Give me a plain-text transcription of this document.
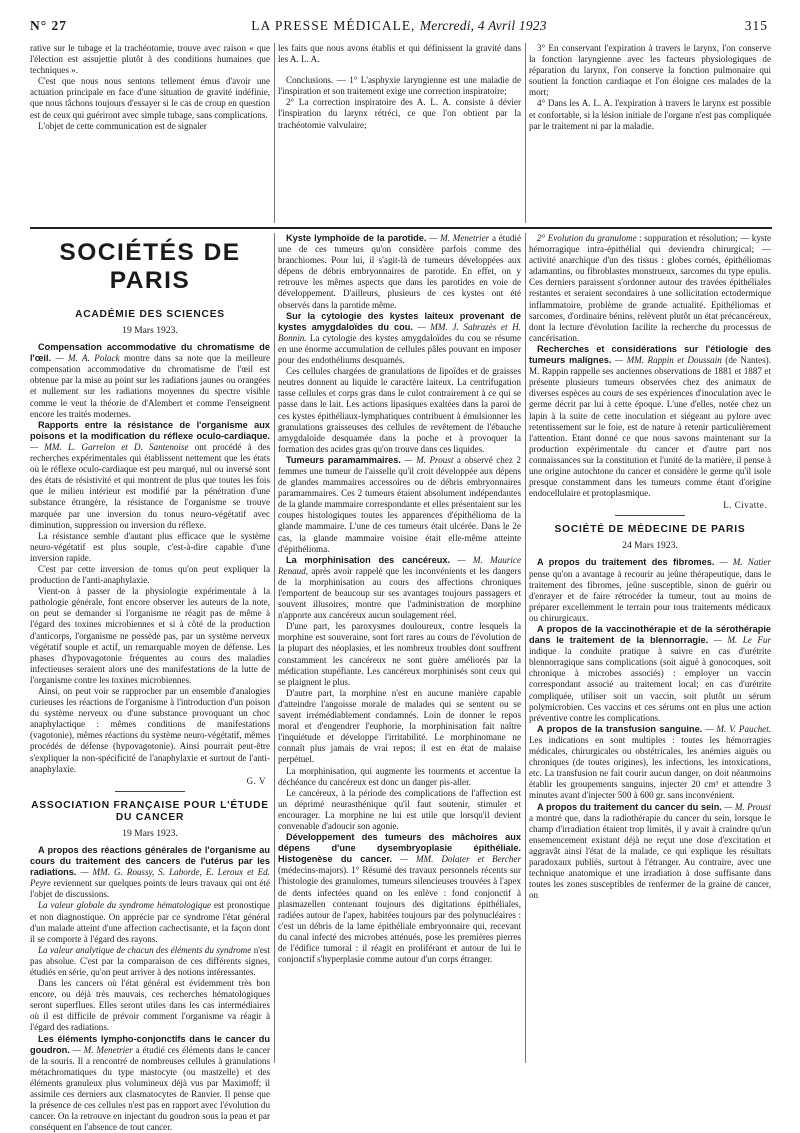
N° 27	LA PRESSE MÉDICALE, Mercredi, 4 Avril 1923	315

rative sur le tubage et la trachéotomie, trouve avec raison « que l'élection est assujettie plutôt à des conditions humaines que techniques ».

C'est que nous nous sentons tellement émus d'avoir une actuation principale en face d'une situation de gravité indéfinie, que nous tâchons toujours d'essayer si le cas de croup en question est de ceux qui guériront avec simple tubage, sans complications.

L'objet de cette communication est de signaler

les faits que nous avons établis et qui définissent la gravité dans les A. L. A.

Conclusions. — 1° L'asphyxie laryngienne est une maladie de l'inspiration et son traitement exige une correction inspiratoire;

2° La correction inspiratoire des A. L. A. consiste à dévier l'inspiration du larynx rétréci, ce que l'on obtient par la trachéotomie valvulaire;

3° En conservant l'expiration à travers le larynx, l'on conserve la fonction laryngienne avec les facteurs physiologiques de réparation du larynx, l'on conserve la fonction pulmonaire qui soutient la fonction cardiaque et l'on éloigne ces malades de la mort;

4° Dans les A. L. A. l'expiration à travers le larynx est possible et confortable, si la lésion initiale de l'organe n'est pas compliquée par le traitement ni par la maladie.

SOCIÉTÉS DE PARIS
ACADÉMIE DES SCIENCES
19 Mars 1923.

Compensation accommodative du chromatisme de l'œil. — M. A. Polack montre dans sa note que la meilleure compensation accommodative du chromatisme de l'œil est obtenue par la mise au point sur les radiations jaunes ou orangées et nullement sur les radiations moyennes du spectre visible comme le veut la théorie de d'Alembert et comme l'enseignent encore les traités modernes.

Rapports entre la résistance de l'organisme aux poisons et la modification du réflexe oculo-cardiaque. — MM. L. Garrelon et D. Santenoise ont procédé à des recherches expérimentales qui établissent nettement que les états où le réflexe oculo-cardiaque est peu marqué, nul ou inversé sont des états de résistivité et qui montrent de plus que toutes les fois que le milieu intérieur est modifié par la pénétration d'une substance étrangère, la résistance de l'organisme se trouve marquée par une inversion du tonus neuro-végétatif avec diminution, suppression ou inversion du réflexe.

La résistance semble d'autant plus efficace que le système neuro-végétatif est plus souple, c'est-à-dire capable d'une inversion rapide.

C'est par cette inversion de tonus qu'on peut expliquer la production de l'anti-anaphylaxie.

Vient-on à passer de la physiologie expérimentale à la pathologie générale, font encore observer les auteurs de la note, on peut se demander si l'organisme ne réagit pas de même à l'égard des toxines microbiennes et si à côté de la production d'anticorps, l'organisme ne possède pas, par un système nerveux végétatif souple et actif, un remarquable moyen de défense. Les phases d'hypovagotonie fréquentes au cours des maladies infectieuses seraient alors une des manifestations de la lutte de l'organisme contre les toxines microbiennes.

Ainsi, on peut voir se rapprocher par un ensemble d'analogies curieuses les réactions de l'organisme à l'introduction d'un poison du système nerveux ou d'une substance provoquant un choc anaphylactique : mêmes conditions de manifestations (vagotonie), mêmes réactions du système neuro-végétatif, mêmes procédés de défense (hypovagotonie). Ainsi pourrait peut-être s'expliquer la non-spécificité de l'anaphylaxie et surtout de l'anti-anaphylaxie.

G. V
ASSOCIATION FRANÇAISE POUR L'ÉTUDE DU CANCER
19 Mars 1923.

A propos des réactions générales de l'organisme au cours du traitement des cancers de l'utérus par les radiations. — MM. G. Roussy, S. Laborde, E. Leroux et Ed. Peyre reviennent sur quelques points de leurs travaux qui ont été l'objet de discussions.

La valeur globale du syndrome hématologique est pronostique et non diagnostique. On apprécie par ce syndrome l'état général d'un malade atteint d'une affection cachectisante, et la façon dont il se comporte à l'égard des rayons.

La valeur analytique de chacun des éléments du syndrome n'est pas absolue. C'est par la comparaison de ces différents signes, étudiés en série, qu'on peut arriver à des notions intéressantes.

Dans les cancers où l'état général est évidemment très bon encore, ou déjà très mauvais, ces recherches hématologiques seront superflues. Elles seront utiles dans les cas intermédiaires où il est difficile de prévoir comment l'organisme va réagir à l'égard des radiations.

Les éléments lympho-conjonctifs dans le cancer du goudron. — M. Menetrier a étudié ces éléments dans le cancer de la souris. Il a rencontré de nombreuses cellules à granulations métachromatiques du type mastocyte (ou mastzelle) et des éléments granuleux plus volumineux déjà vus par Maximoff; il assimile ces derniers aux clasmatocytes de Ranvier. Il pense que la présence de ces cellules n'est pas en rapport avec l'évolution du cancer. On la retrouve en injectant du goudron sous la peau et par conséquent en l'absence de tout cancer.

Kyste lymphoïde de la parotide. — M. Menetrier a étudié une de ces tumeurs qu'on considère parfois comme des branchiomes. Pour lui, il s'agit-là de tumeurs développées aux dépens de débris embryonnaires de parotide. En effet, on y retrouve les mêmes aspects que dans les parotides en voie de développement. D'ailleurs, plusieurs de ces kystes ont été observés dans la parotide même.

Sur la cytologie des kystes laiteux provenant de kystes amygdaloïdes du cou. — MM. J. Sabrazès et H. Bonnin. La cytologie des kystes amygdaloïdes du cou se résume en une énorme accumulation de cellules pâles pouvant en imposer pour des endothéliums desquamés.

Ces cellules chargées de granulations de lipoïdes et de graisses neutres donnent au liquide le caractère laiteux. La centrifugation tasse cellules et corps gras dans le culot contrairement à ce qui se passe dans le lait. Les actions lipasiques exaltées dans la paroi de ces kystes épithéliaux-lymphatiques contribuent à émulsionner les granulations graisseuses des cellules de revêtement de l'ébauche amygdaloïde desquamée dans la poche et à provoquer la formation des acides gras qu'on trouve dans ces liquides.

Tumeurs paramammaires. — M. Proust a observé chez 2 femmes une tumeur de l'aisselle qu'il croit développée aux dépens de glandes mammaires accessoires ou de débris embryonnaires paramammaires. Ces 2 tumeurs étaient absolument indépendantes de la glande mammaire correspondante et elles présentaient sur les coupes histologiques toutes les apparences d'épithélioma de la glande mammaire. L'une de ces tumeurs était ulcérée. Dans le 2e cas, la glande mammaire voisine était elle-même atteinte d'épithélioma.

La morphinisation des cancéreux. — M. Maurice Renaud, après avoir rappelé que les inconvénients et les dangers de la morphinisation au cours des affections chroniques l'emportent de beaucoup sur ses avantages toujours passagers et souvent illusoires, montre que l'administration de morphine n'apporte aux cancéreux aucun soulagement réel.

D'une part, les paroxysmes douloureux, contre lesquels la morphine est souveraine, sont fort rares au cours de l'évolution de la plupart des néoplasies, et les nombreux troubles dont souffrent constamment les cancéreux ne sont guère améliorés par la médication stupéfiante. Les cancéreux morphinisés sont ceux qui se plaignent le plus.

D'autre part, la morphine n'est en aucune manière capable d'atteindre l'angoisse morale de malades qui se sentent ou se savent irrémédiablement condamnés. Loin de donner le repos moral et d'engendrer l'euphorie, la morphinisation fait naître l'inquiétude et développe l'irritabilité. Le morphinomane ne connaît plus jamais de vrai repos; il est en état de malaise perpétuel.

La morphinisation, qui augmente les tourments et accentue la déchéance du cancéreux est donc un danger pis-aller.

Le cancéreux, à la période des complications de l'affection est un déprimé neurasthénique qu'il faut soutenir, stimuler et encourager. La morphine ne lui est utile que lorsqu'il devient convenable d'adoucir son agonie.

Développement des tumeurs des mâchoires aux dépens d'une dysembryoplasie épithéliale. Histogenèse du cancer. — MM. Dolater et Bercher (médecins-majors). 1° Résumé des travaux personnels récents sur l'histologie des granulomes, tumeurs silencieuses trouvées à l'apex de dents infectées quand on les enlève : fond conjonctif à plasmazellen contenant toujours des digitations épithéliales, radiées autour de l'apex, habitées toujours par des polynucléaires : c'est un débris de la lame épithéliale embryonnaire qui, recevant du canal infecté des microbes atténués, pose les premières pierres de l'édifice tumoral : il réagit en proliférant et autour de lui le conjonctif s'hyperplasie comme autour d'un corps étranger.

2° Evolution du granulome : suppuration et résolution; — kyste hémorragique intra-épithélial qui deviendra chirurgical; — activité anarchique d'un des tissus : globes cornés, épithéliomas adamantins, ou fibroblastes monstrueux, sarcomes du type epulis. Ces derniers paraissent s'ordonner autour des travées épithéliales restantes et seraient secondaires à une sollicitation ectodermique inflammatoire, problème de grande actualité. Epithéliomas et sarcomes, d'ordinaire bénins, relèvent plutôt un état précancéreux, dont la lecture d'évolution facilite la recherche du processus de cancérisation.

Recherches et considérations sur l'étiologie des tumeurs malignes. — MM. Rappin et Doussain (de Nantes). M. Rappin rappelle ses anciennes observations de 1881 et 1887 et présente plusieurs tumeurs observées chez des animaux de diverses espèces au cours de ses expériences d'inoculation avec le germe décrit par lui à cette époque. L'une d'elles, notée chez un lapin à la suite de cette inoculation et siégeant au pylore avec retentissement sur le foie, est de nature à retenir particulièrement l'attention. Etant donné ce que nous savons maintenant sur la production expérimentale du cancer et d'autre part nos connaissances sur la constitution et l'unité de la matière, il pense à une origine autochtone du cancer et considère le germe qu'il isole presque constamment dans les tumeurs comme étant d'origine endocellulaire et protoplasmique.

L. Civatte.
SOCIÉTÉ DE MÉDECINE DE PARIS
24 Mars 1923.

A propos du traitement des fibromes. — M. Natier pense qu'on a avantage à recourir au jeûne thérapeutique, dans le traitement des fibromes, jeûne susceptible, sinon de guérir ou d'enrayer et de faire rétrocéder la tumeur, tout au moins de préparer excellemment le terrain pour tous traitements médicaux ou chirurgicaux.

A propos de la vaccinothérapie et de la sérothérapie dans le traitement de la blennorragie. — M. Le Fur indique la conduite pratique à suivre en cas d'urétrite blennorragique sans complications (soit aiguë à gonocoques, soit chronique à microbes associés) : employer un vaccin correspondant associé au traitement local; en cas d'urétrite compliquée, utiliser soit un vaccin, soit plutôt un sérum polymicrobien. Ces vaccins et ces sérums ont en plus une action préventive contre les complications.

A propos de la transfusion sanguine. — M. V. Pauchet. Les indications en sont multiples : toutes les hémorragies médicales, chirurgicales ou obstétricales, les anémies aiguës ou chroniques (de toutes origines), les infections, les intoxications, etc. La transfusion ne fait courir aucun danger, on doit néanmoins établir les groupements sanguins, injecter 20 cm³ et attendre 3 minutes avant d'injecter 500 à 600 gr. sans inconvénient.

A propos du traitement du cancer du sein. — M. Proust a montré que, dans la radiothérapie du cancer du sein, lorsque le champ d'irradiation étaient trop limités, il y avait à craindre qu'un ensemencement existant déjà ne reçut une dose d'excitation et aggravât ainsi l'état de la malade, ce qui explique les résultats paradoxaux publiés, surtout à l'étranger. Au contraire, avec une technique anatomique et une irradiation à dose suffisante dans toutes les zones susceptibles de renfermer de la graine de cancer, on
